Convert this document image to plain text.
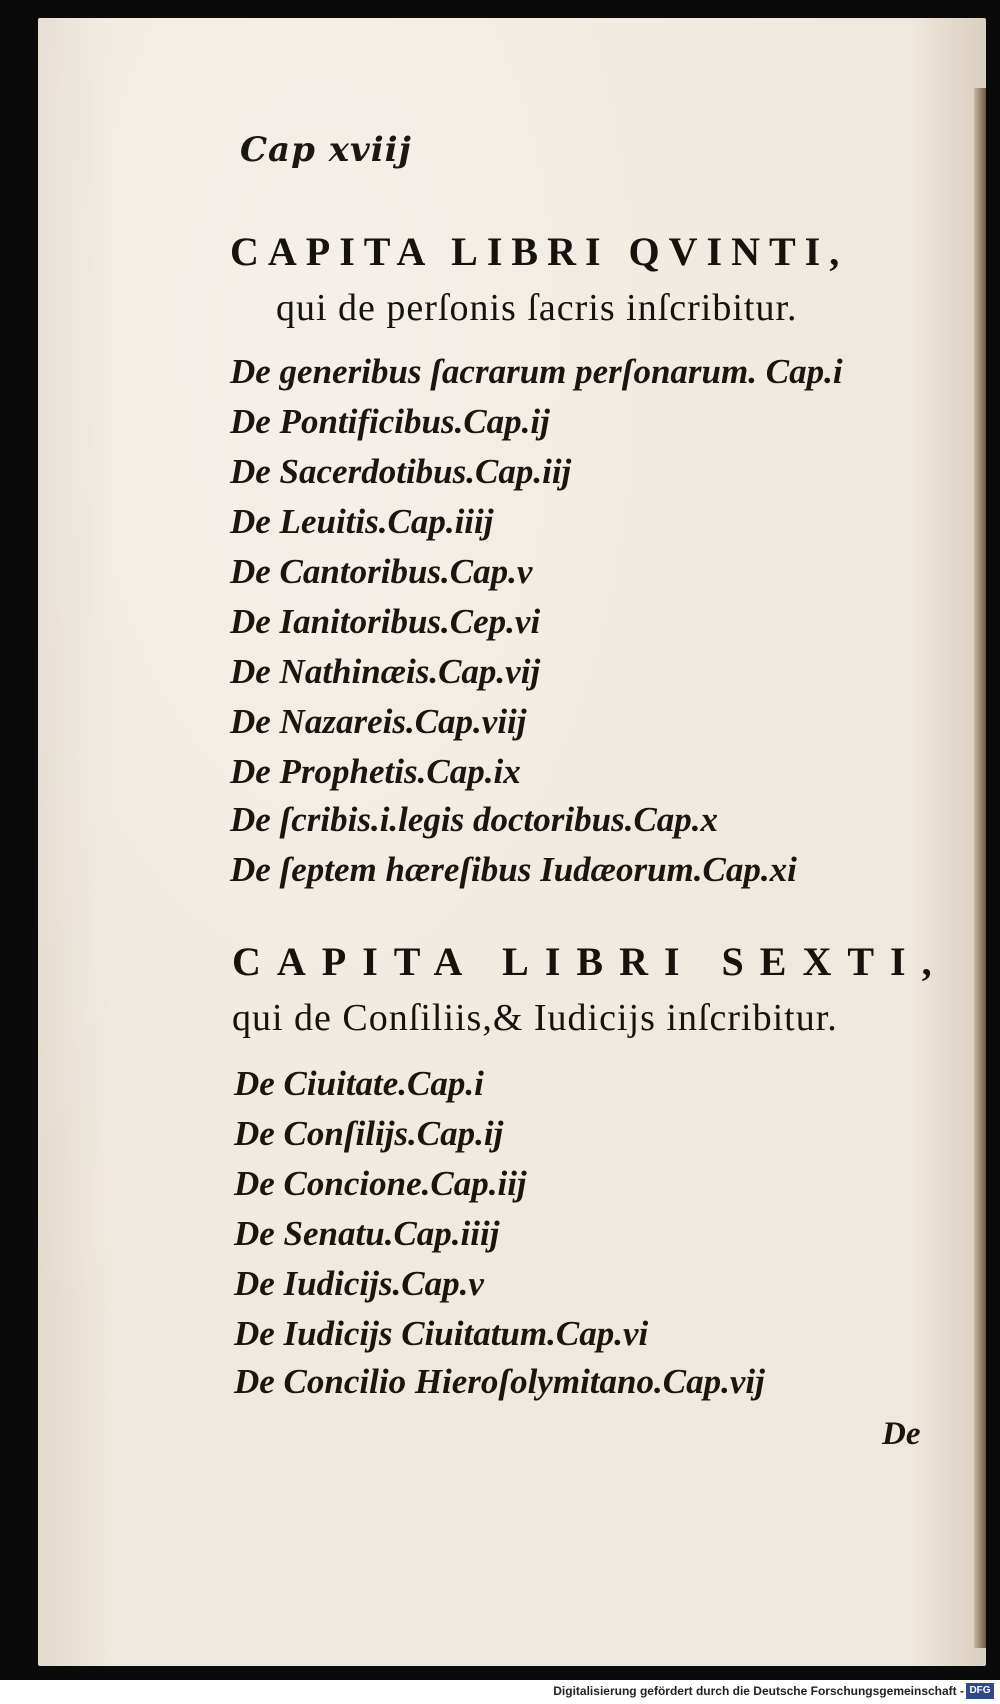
Cap xviij
CAPITA LIBRI QVINTI,
qui de perſonis ſacris inſcribitur.
De generibus ſacrarum perſonarum. Cap.i
De Pontificibus.Cap.ij
De Sacerdotibus.Cap.iij
De Leuitis.Cap.iiij
De Cantoribus.Cap.v
De Ianitoribus.Cep.vi
De Nathinæis.Cap.vij
De Nazareis.Cap.viij
De Prophetis.Cap.ix
De ſcribis.i.legis doctoribus.Cap.x
De ſeptem hæreſibus Iudæorum.Cap.xi
CAPITA LIBRI SEXTI,
qui de Conſiliis,& Iudicijs inſcribitur.
De Ciuitate.Cap.i
De Conſilijs.Cap.ij
De Concione.Cap.iij
De Senatu.Cap.iiij
De Iudicijs.Cap.v
De Iudicijs Ciuitatum.Cap.vi
De Concilio Hieroſolymitano.Cap.vij
De
Digitalisierung gefördert durch die Deutsche Forschungsgemeinschaft - DFG
